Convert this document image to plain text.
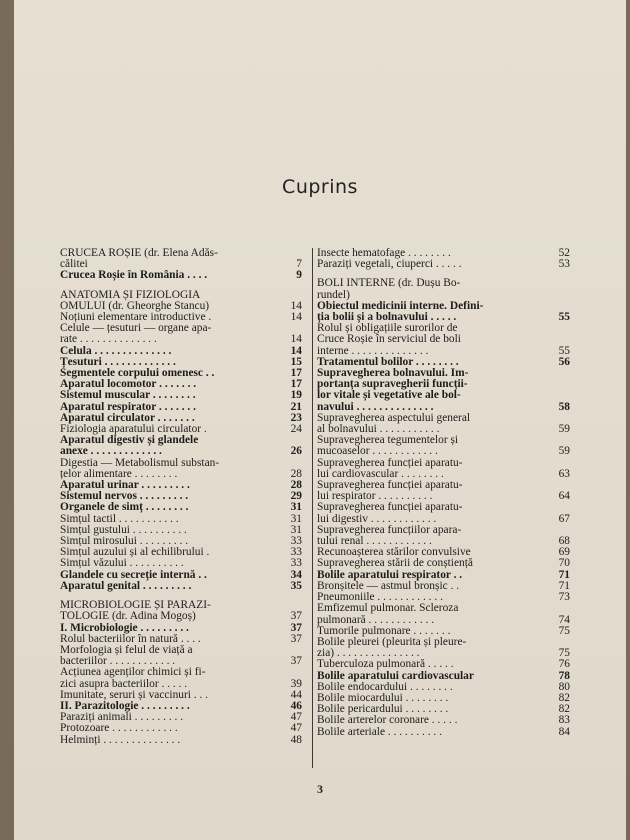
Cuprins
CRUCEA ROȘIE (dr. Elena Adăs-
călitei	7
Crucea Roșie în România . . . .	9
ANATOMIA ȘI FIZIOLOGIA
OMULUI (dr. Gheorghe Stancu)	14
Noțiuni elementare introductive .	14
Celule — țesuturi — organe apa-
rate . . . . . . . . . . . . . .	14
Celula . . . . . . . . . . . . . .	14
Țesuturi . . . . . . . . . . . . .	15
Segmentele corpului omenesc . .	17
Aparatul locomotor . . . . . . .	17
Sistemul muscular . . . . . . . .	19
Aparatul respirator . . . . . . .	21
Aparatul circulator . . . . . . .	23
Fiziologia aparatului circulator .	24
Aparatul digestiv și glandele
anexe . . . . . . . . . . . . .	26
Digestia — Metabolismul substan-
țelor alimentare . . . . . . . .	28
Aparatul urinar . . . . . . . . .	28
Sistemul nervos . . . . . . . . .	29
Organele de simț . . . . . . . .	31
Simțul tactil . . . . . . . . . . .	31
Simțul gustului . . . . . . . . . .	31
Simțul mirosului . . . . . . . . .	33
Simțul auzului și al echilibrului .	33
Simțul văzului . . . . . . . . . .	33
Glandele cu secreție internă . .	34
Aparatul genital . . . . . . . . .	35
MICROBIOLOGIE ȘI PARAZI-
TOLOGIE (dr. Adina Mogoș)	37
I. Microbiologie . . . . . . . . .	37
Rolul bacteriilor în natură . . . .	37
Morfologia și felul de viață a
bacteriilor . . . . . . . . . . . .	37
Acțiunea agenților chimici și fi-
zici asupra bacteriilor . . . . .	39
Imunitate, seruri și vaccinuri . . .	44
II. Parazitologie . . . . . . . . .	46
Paraziți animali . . . . . . . . .	47
Protozoare . . . . . . . . . . . .	47
Helminți . . . . . . . . . . . . . .	48
Insecte hematofage . . . . . . . .	52
Paraziți vegetali, ciuperci . . . . .	53
BOLI INTERNE (dr. Dușu Bo-
rundel)
Obiectul medicinii interne. Defini-
ția bolii și a bolnavului . . . . .	55
Rolul și obligațiile surorilor de
Cruce Roșie în serviciul de boli
interne . . . . . . . . . . . . . .	55
Tratamentul bolilor . . . . . . . .	56
Supravegherea bolnavului. Im-
portanța supravegherii funcții-
lor vitale și vegetative ale bol-
navului . . . . . . . . . . . . . .	58
Supravegherea aspectului general
al bolnavului . . . . . . . . . . .	59
Supravegherea tegumentelor și
mucoaselor . . . . . . . . . . . .	59
Supravegherea funcției aparatu-
lui cardiovascular . . . . . . . .	63
Supravegherea funcției aparatu-
lui respirator . . . . . . . . . .	64
Supravegherea funcției aparatu-
lui digestiv . . . . . . . . . . . .	67
Supravegherea funcțiilor apara-
tului renal . . . . . . . . . . . .	68
Recunoașterea stărilor convulsive	69
Supravegherea stării de conștiență	70
Bolile aparatului respirator . .	71
Bronșitele — astmul bronșic . .	71
Pneumoniile . . . . . . . . . . . .	73
Emfizemul pulmonar. Scleroza
pulmonară . . . . . . . . . . . .	74
Tumorile pulmonare . . . . . . .	75
Bolile pleurei (pleurita și pleure-
zia) . . . . . . . . . . . . . . .	75
Tuberculoza pulmonară . . . . .	76
Bolile aparatului cardiovascular	78
Bolile endocardului . . . . . . . .	80
Bolile miocardului . . . . . . . .	82
Bolile pericardului . . . . . . . .	82
Bolile arterelor coronare . . . . .	83
Bolile arteriale . . . . . . . . . .	84
3
